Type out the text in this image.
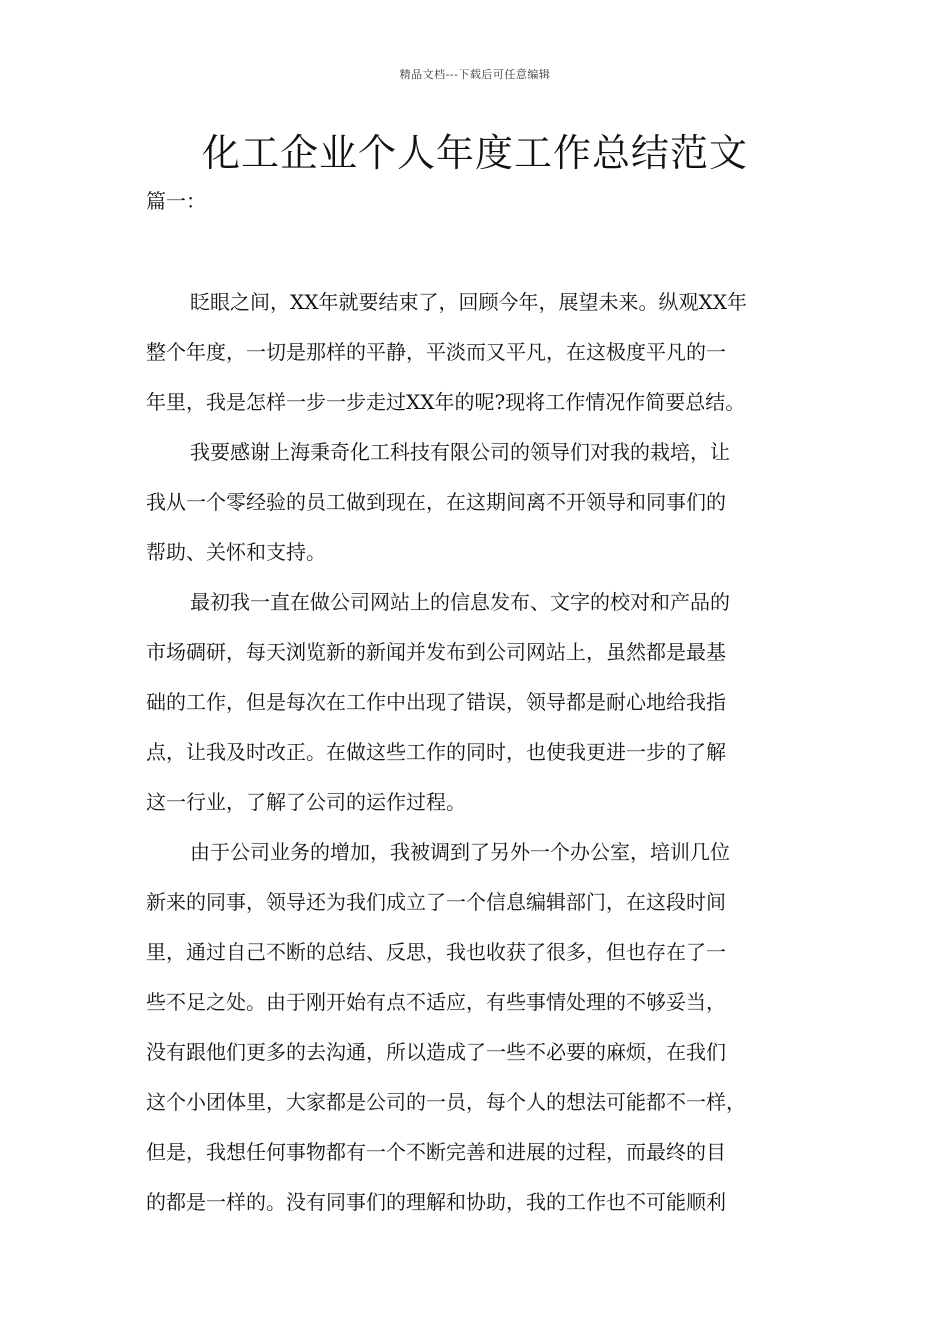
精品文档---下载后可任意编辑
化工企业个人年度工作总结范文
篇一：
眨眼之间，XX年就要结束了，回顾今年，展望未来。纵观XX年
整个年度，一切是那样的平静，平淡而又平凡，在这极度平凡的一
年里，我是怎样一步一步走过XX年的呢?现将工作情况作简要总结。
我要感谢上海秉奇化工科技有限公司的领导们对我的栽培，让
我从一个零经验的员工做到现在，在这期间离不开领导和同事们的
帮助、关怀和支持。
最初我一直在做公司网站上的信息发布、文字的校对和产品的
市场碉研，每天浏览新的新闻并发布到公司网站上，虽然都是最基
础的工作，但是每次在工作中出现了错误，领导都是耐心地给我指
点，让我及时改正。在做这些工作的同时，也使我更进一步的了解
这一行业，了解了公司的运作过程。
由于公司业务的增加，我被调到了另外一个办公室，培训几位
新来的同事，领导还为我们成立了一个信息编辑部门，在这段时间
里，通过自己不断的总结、反思，我也收获了很多，但也存在了一
些不足之处。由于刚开始有点不适应，有些事情处理的不够妥当，
没有跟他们更多的去沟通，所以造成了一些不必要的麻烦，在我们
这个小团体里，大家都是公司的一员，每个人的想法可能都不一样，
但是，我想任何事物都有一个不断完善和进展的过程，而最终的目
的都是一样的。没有同事们的理解和协助，我的工作也不可能顺利
